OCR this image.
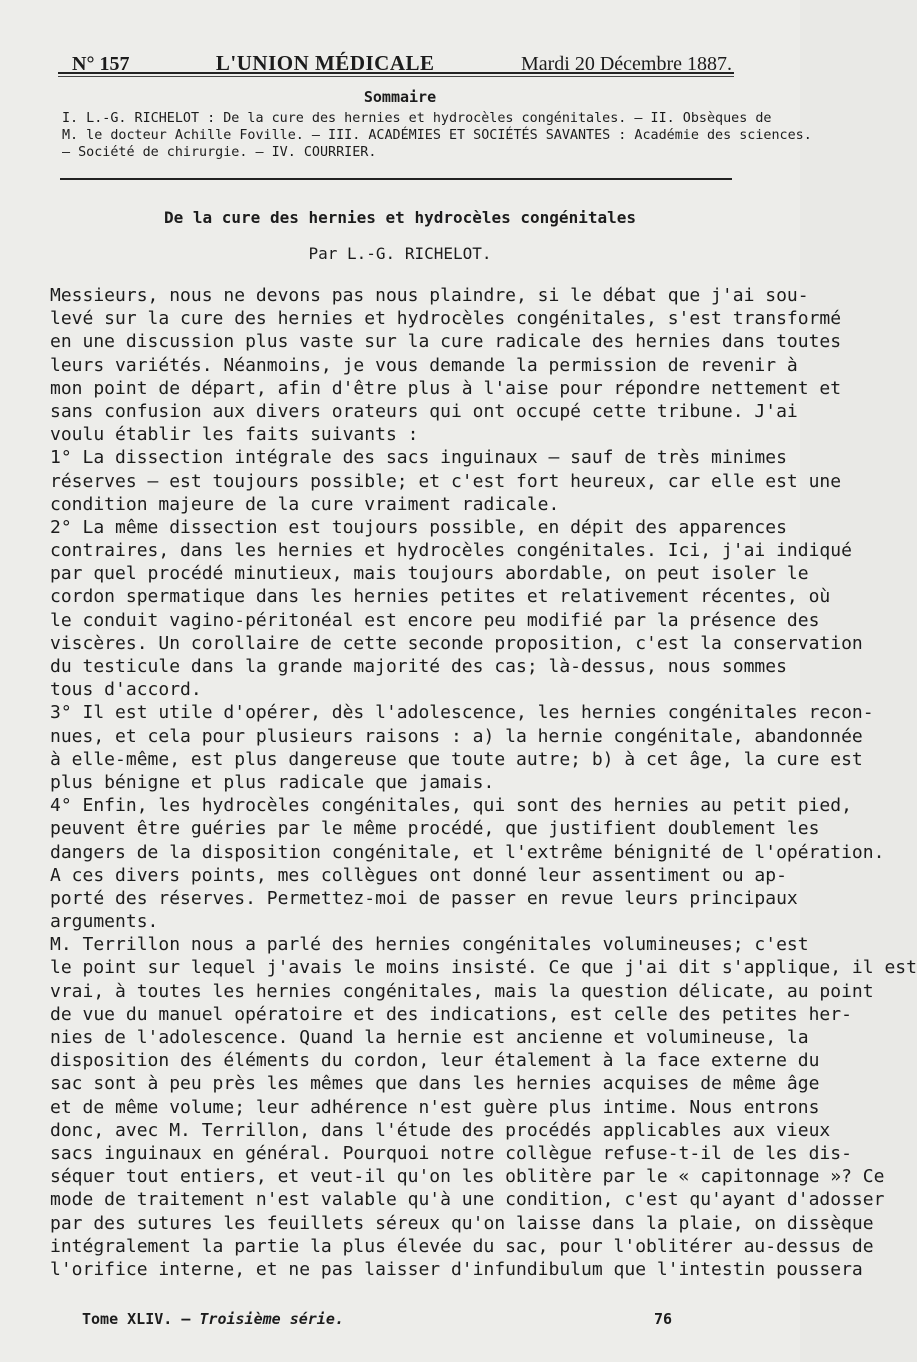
N° 157	L'UNION MÉDICALE	Mardi 20 Décembre 1887.
Sommaire
I. L.-G. RICHELOT : De la cure des hernies et hydrocèles congénitales. — II. Obsèques de
M. le docteur Achille Foville. — III. ACADÉMIES ET SOCIÉTÉS SAVANTES : Académie des sciences.
— Société de chirurgie. — IV. COURRIER.
De la cure des hernies et hydrocèles congénitales
Par L.-G. RICHELOT.
Messieurs, nous ne devons pas nous plaindre, si le débat que j'ai sou-
levé sur la cure des hernies et hydrocèles congénitales, s'est transformé
en une discussion plus vaste sur la cure radicale des hernies dans toutes
leurs variétés. Néanmoins, je vous demande la permission de revenir à
mon point de départ, afin d'être plus à l'aise pour répondre nettement et
sans confusion aux divers orateurs qui ont occupé cette tribune. J'ai
voulu établir les faits suivants :
1° La dissection intégrale des sacs inguinaux — sauf de très minimes
réserves — est toujours possible; et c'est fort heureux, car elle est une
condition majeure de la cure vraiment radicale.
2° La même dissection est toujours possible, en dépit des apparences
contraires, dans les hernies et hydrocèles congénitales. Ici, j'ai indiqué
par quel procédé minutieux, mais toujours abordable, on peut isoler le
cordon spermatique dans les hernies petites et relativement récentes, où
le conduit vagino-péritonéal est encore peu modifié par la présence des
viscères. Un corollaire de cette seconde proposition, c'est la conservation
du testicule dans la grande majorité des cas; là-dessus, nous sommes
tous d'accord.
3° Il est utile d'opérer, dès l'adolescence, les hernies congénitales recon-
nues, et cela pour plusieurs raisons : a) la hernie congénitale, abandonnée
à elle-même, est plus dangereuse que toute autre; b) à cet âge, la cure est
plus bénigne et plus radicale que jamais.
4° Enfin, les hydrocèles congénitales, qui sont des hernies au petit pied,
peuvent être guéries par le même procédé, que justifient doublement les
dangers de la disposition congénitale, et l'extrême bénignité de l'opération.
A ces divers points, mes collègues ont donné leur assentiment ou ap-
porté des réserves. Permettez-moi de passer en revue leurs principaux
arguments.
M. Terrillon nous a parlé des hernies congénitales volumineuses; c'est
le point sur lequel j'avais le moins insisté. Ce que j'ai dit s'applique, il est
vrai, à toutes les hernies congénitales, mais la question délicate, au point
de vue du manuel opératoire et des indications, est celle des petites her-
nies de l'adolescence. Quand la hernie est ancienne et volumineuse, la
disposition des éléments du cordon, leur étalement à la face externe du
sac sont à peu près les mêmes que dans les hernies acquises de même âge
et de même volume; leur adhérence n'est guère plus intime. Nous entrons
donc, avec M. Terrillon, dans l'étude des procédés applicables aux vieux
sacs inguinaux en général. Pourquoi notre collègue refuse-t-il de les dis-
séquer tout entiers, et veut-il qu'on les oblitère par le « capitonnage »? Ce
mode de traitement n'est valable qu'à une condition, c'est qu'ayant d'adosser
par des sutures les feuillets séreux qu'on laisse dans la plaie, on dissèque
intégralement la partie la plus élevée du sac, pour l'oblitérer au-dessus de
l'orifice interne, et ne pas laisser d'infundibulum que l'intestin poussera
Tome XLIV. — Troisième série.	76
